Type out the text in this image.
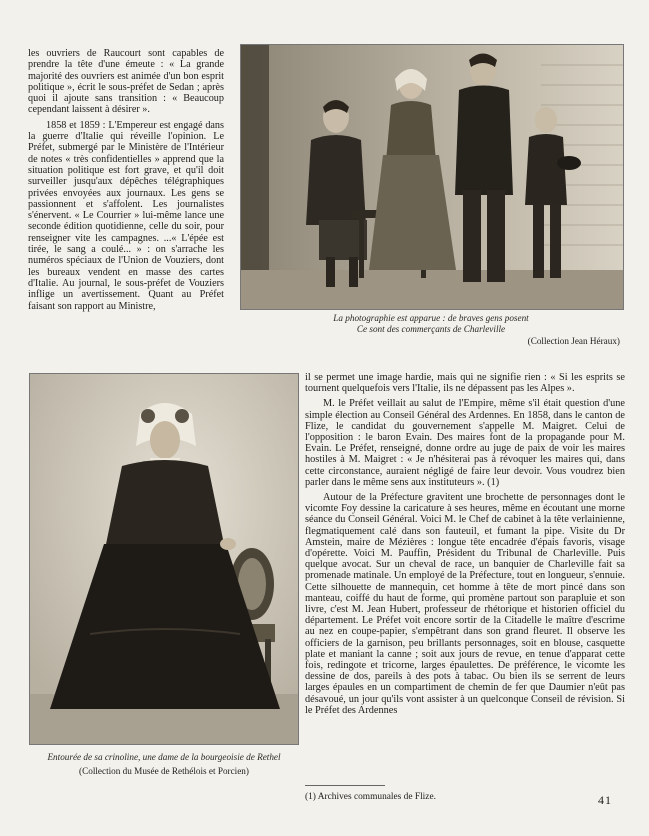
les ouvriers de Raucourt sont capables de prendre la tête d'une émeute : « La grande majorité des ouvriers est animée d'un bon esprit politique », écrit le sous-préfet de Sedan ; après quoi il ajoute sans transition : « Beaucoup cependant laissent à désirer ».

1858 et 1859 : L'Empereur est engagé dans la guerre d'Italie qui réveille l'opinion. Le Préfet, submergé par le Ministère de l'Intérieur de notes « très confidentielles » apprend que la situation politique est fort grave, et qu'il doit surveiller jusqu'aux dépêches télégraphiques privées envoyées aux journaux. Les gens se passionnent et s'affolent. Les journalistes s'énervent. « Le Courrier » lui-même lance une seconde édition quotidienne, celle du soir, pour renseigner vite les campagnes. ...« L'épée est tirée, le sang a coulé... » : on s'arrache les numéros spéciaux de l'Union de Vouziers, dont les bureaux vendent en masse des cartes d'Italie. Au journal, le sous-préfet de Vouziers inflige un avertissement. Quant au Préfet faisant son rapport au Ministre,

La photographie est apparue : de braves gens posent
Ce sont des commerçants de Charleville
(Collection Jean Héraux)
Entourée de sa crinoline, une dame de la bourgeoisie de Rethel
(Collection du Musée de Rethélois et Porcien)

il se permet une image hardie, mais qui ne signifie rien : « Si les esprits se tournent quelquefois vers l'Italie, ils ne dépassent pas les Alpes ».

M. le Préfet veillait au salut de l'Empire, même s'il était question d'une simple élection au Conseil Général des Ardennes. En 1858, dans le canton de Flize, le candidat du gouvernement s'appelle M. Maigret. Celui de l'opposition : le baron Evain. Des maires font de la propagande pour M. Evain. Le Préfet, renseigné, donne ordre au juge de paix de voir les maires hostiles à M. Maigret : « Je n'hésiterai pas à révoquer les maires qui, dans cette circonstance, auraient négligé de faire leur devoir. Vous voudrez bien parler dans le même sens aux instituteurs ». (1)

Autour de la Préfecture gravitent une brochette de personnages dont le vicomte Foy dessine la caricature à ses heures, même en écoutant une morne séance du Conseil Général. Voici M. le Chef de cabinet à la tête verlainienne, flegmatiquement calé dans son fauteuil, et fumant la pipe. Visite du Dr Amstein, maire de Mézières : longue tête encadrée d'épais favoris, visage d'opérette. Voici M. Pauffin, Président du Tribunal de Charleville. Puis quelque avocat. Sur un cheval de race, un banquier de Charleville fait sa promenade matinale. Un employé de la Préfecture, tout en longueur, s'ennuie. Cette silhouette de mannequin, cet homme à tête de mort pincé dans son manteau, coiffé du haut de forme, qui promène partout son parapluie et son livre, c'est M. Jean Hubert, professeur de rhétorique et historien officiel du département. Le Préfet voit encore sortir de la Citadelle le maître d'escrime au nez en coupe-papier, s'empêtrant dans son grand fleuret. Il observe les officiers de la garnison, peu brillants personnages, soit en blouse, casquette plate et maniant la canne ; soit aux jours de revue, en tenue d'apparat cette fois, redingote et tricorne, larges épaulettes. De préférence, le vicomte les dessine de dos, pareils à des pots à tabac. Ou bien ils se serrent de leurs larges épaules en un compartiment de chemin de fer que Daumier n'eût pas désavoué, un jour qu'ils vont assister à un quelconque Conseil de révision. Si le Préfet des Ardennes

(1) Archives communales de Flize.	41
